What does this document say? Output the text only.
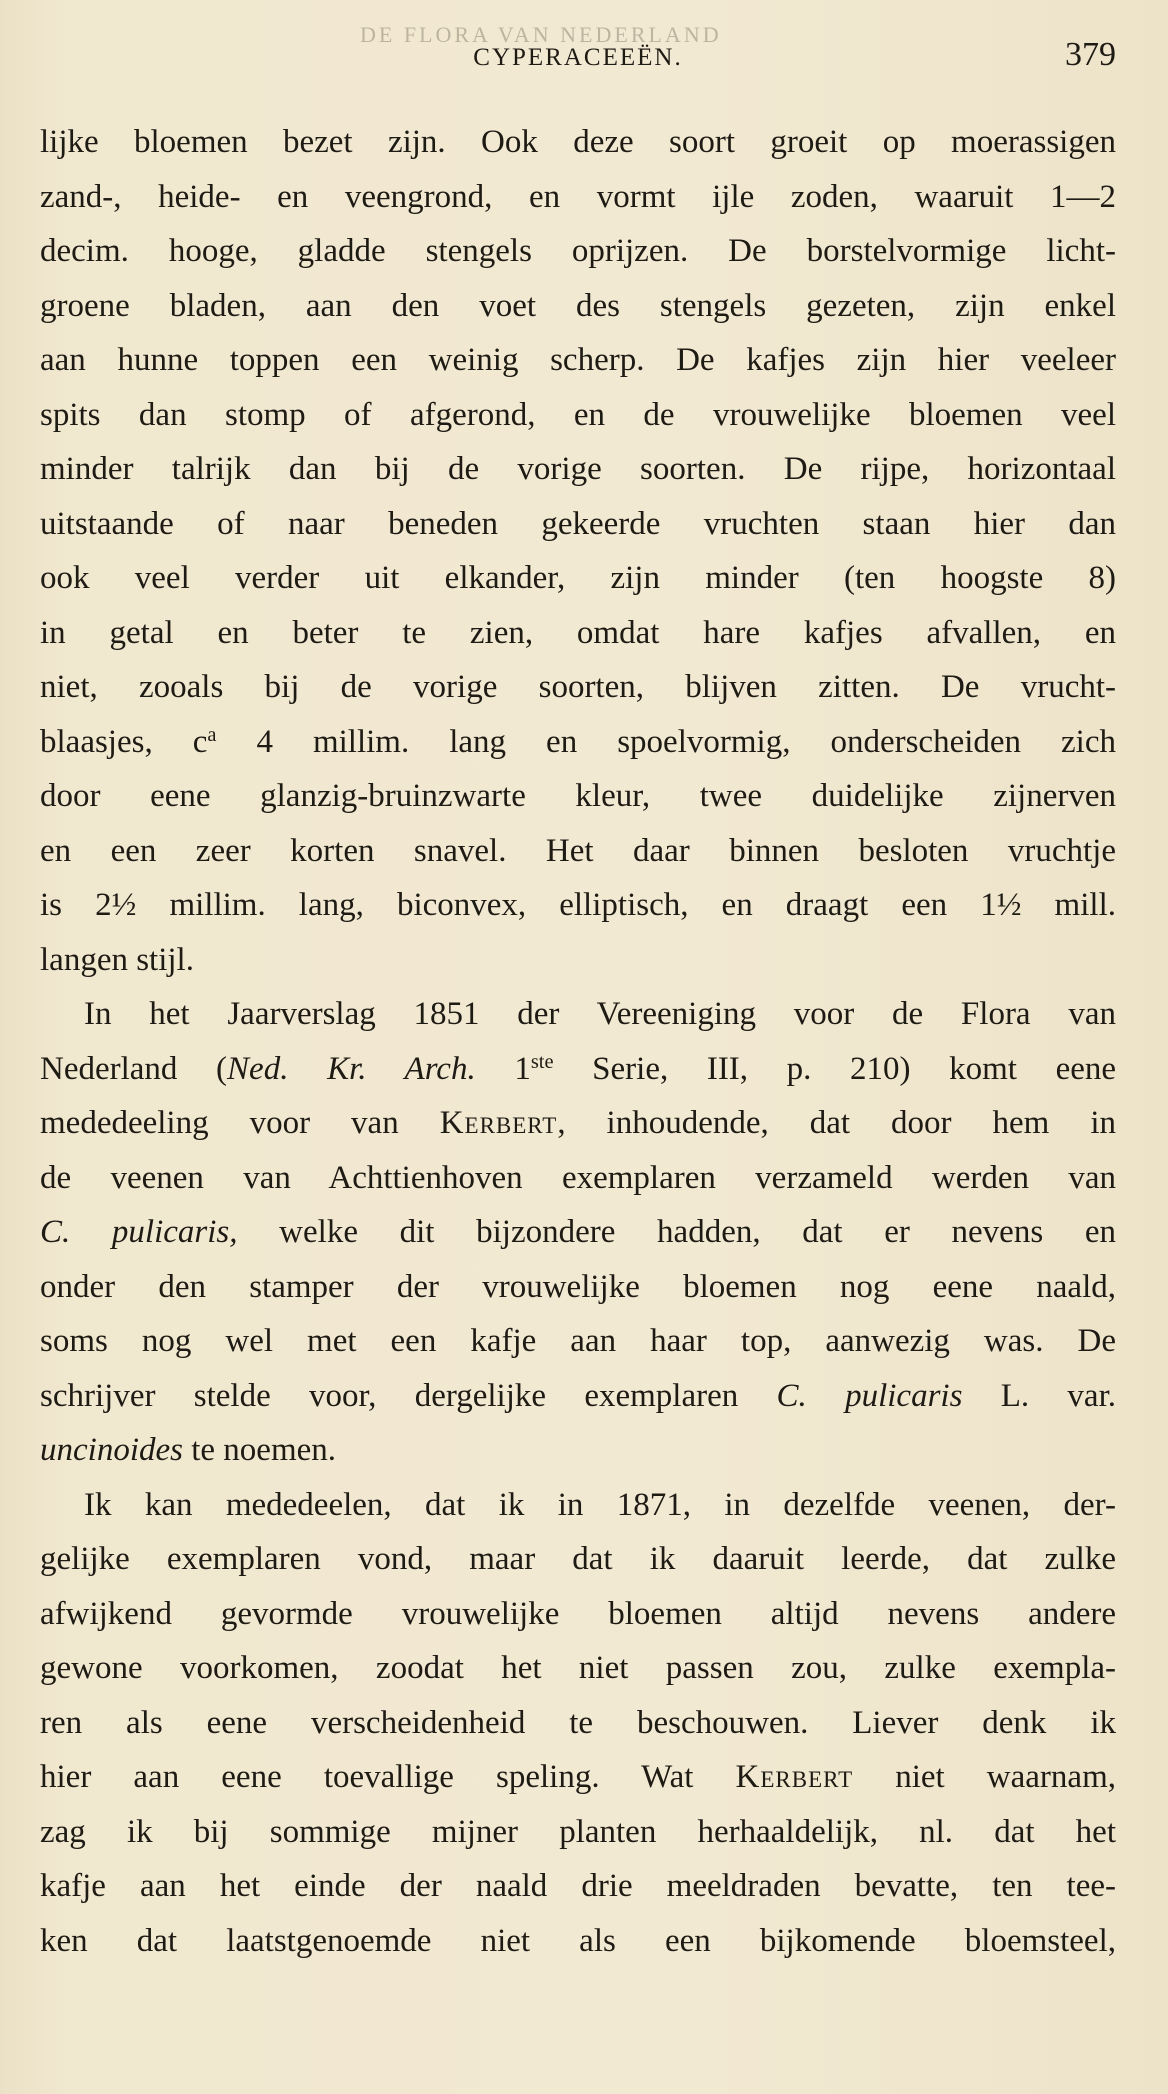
DE FLORA VAN NEDERLAND
CYPERACEEËN.	379
lijke bloemen bezet zijn. Ook deze soort groeit op moerassigen
zand-, heide- en veengrond, en vormt ijle zoden, waaruit 1—2
decim. hooge, gladde stengels oprijzen. De borstelvormige licht-
groene bladen, aan den voet des stengels gezeten, zijn enkel
aan hunne toppen een weinig scherp. De kafjes zijn hier veeleer
spits dan stomp of afgerond, en de vrouwelijke bloemen veel
minder talrijk dan bij de vorige soorten. De rijpe, horizontaal
uitstaande of naar beneden gekeerde vruchten staan hier dan
ook veel verder uit elkander, zijn minder (ten hoogste 8)
in getal en beter te zien, omdat hare kafjes afvallen, en
niet, zooals bij de vorige soorten, blijven zitten. De vrucht-
blaasjes, $c^a$ 4 millim. lang en spoelvormig, onderscheiden zich
door eene glanzig-bruinzwarte kleur, twee duidelijke zijnerven
en een zeer korten snavel. Het daar binnen besloten vruchtje
is 2½ millim. lang, biconvex, elliptisch, en draagt een 1½ mill.
langen stijl.
In het Jaarverslag 1851 der Vereeniging voor de Flora van
Nederland (Ned. Kr. Arch. 1ste Serie, III, p. 210) komt eene
mededeeling voor van Kerbert, inhoudende, dat door hem in
de veenen van Achttienhoven exemplaren verzameld werden van
C. pulicaris, welke dit bijzondere hadden, dat er nevens en
onder den stamper der vrouwelijke bloemen nog eene naald,
soms nog wel met een kafje aan haar top, aanwezig was. De
schrijver stelde voor, dergelijke exemplaren C. pulicaris L. var.
uncinoides te noemen.
Ik kan mededeelen, dat ik in 1871, in dezelfde veenen, der-
gelijke exemplaren vond, maar dat ik daaruit leerde, dat zulke
afwijkend gevormde vrouwelijke bloemen altijd nevens andere
gewone voorkomen, zoodat het niet passen zou, zulke exempla-
ren als eene verscheidenheid te beschouwen. Liever denk ik
hier aan eene toevallige speling. Wat Kerbert niet waarnam,
zag ik bij sommige mijner planten herhaaldelijk, nl. dat het
kafje aan het einde der naald drie meeldraden bevatte, ten tee-
ken dat laatstgenoemde niet als een bijkomende bloemsteel,
